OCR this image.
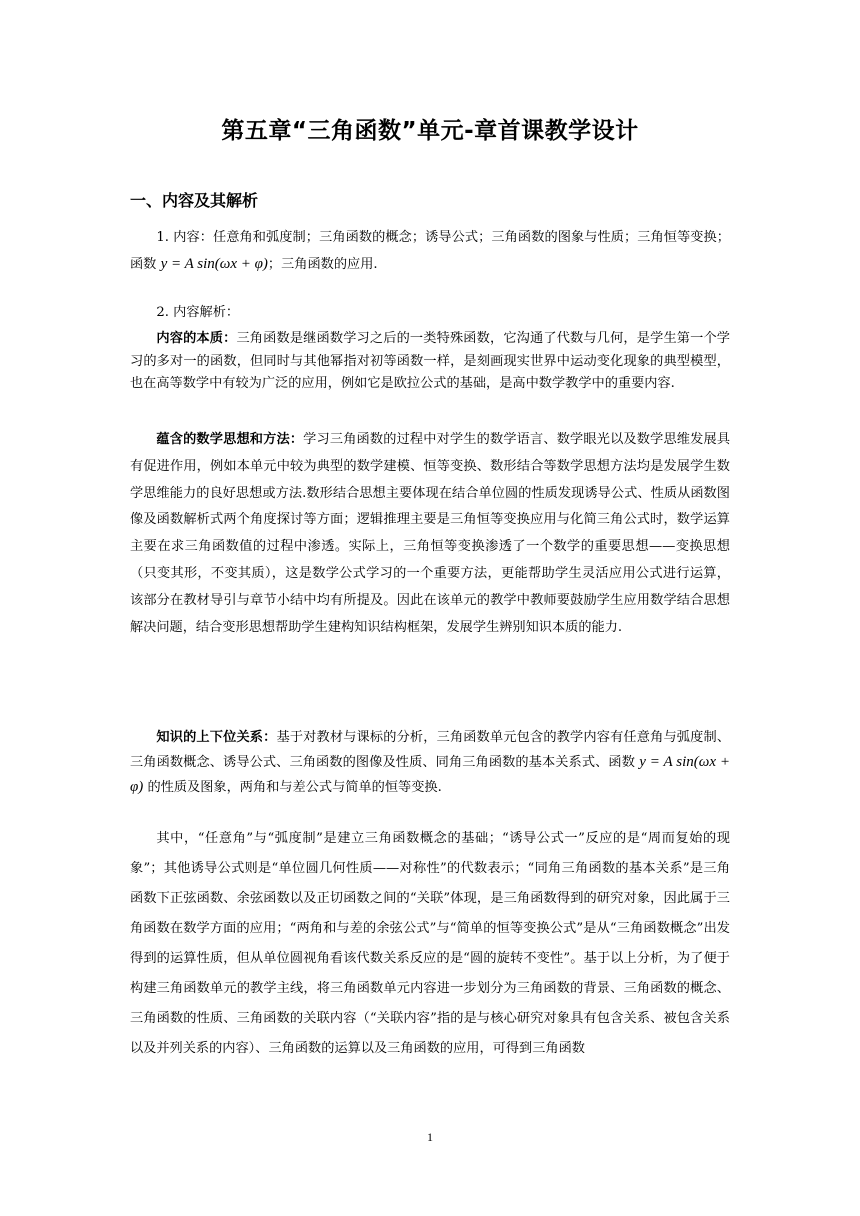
第五章“三角函数”单元-章首课教学设计
一、内容及其解析

1. 内容：任意角和弧度制；三角函数的概念；诱导公式；三角函数的图象与性质；三角恒等变换；函数 y = A sin(ωx + φ)；三角函数的应用.

2. 内容解析：

内容的本质：三角函数是继函数学习之后的一类特殊函数，它沟通了代数与几何，是学生第一个学习的多对一的函数，但同时与其他幂指对初等函数一样，是刻画现实世界中运动变化现象的典型模型，也在高等数学中有较为广泛的应用，例如它是欧拉公式的基础，是高中数学教学中的重要内容.

蕴含的数学思想和方法：学习三角函数的过程中对学生的数学语言、数学眼光以及数学思维发展具有促进作用，例如本单元中较为典型的数学建模、恒等变换、数形结合等数学思想方法均是发展学生数学思维能力的良好思想或方法.数形结合思想主要体现在结合单位圆的性质发现诱导公式、性质从函数图像及函数解析式两个角度探讨等方面；逻辑推理主要是三角恒等变换应用与化简三角公式时，数学运算主要在求三角函数值的过程中渗透。实际上，三角恒等变换渗透了一个数学的重要思想——变换思想（只变其形，不变其质），这是数学公式学习的一个重要方法，更能帮助学生灵活应用公式进行运算，该部分在教材导引与章节小结中均有所提及。因此在该单元的教学中教师要鼓励学生应用数学结合思想解决问题，结合变形思想帮助学生建构知识结构框架，发展学生辨别知识本质的能力.

知识的上下位关系：基于对教材与课标的分析，三角函数单元包含的教学内容有任意角与弧度制、三角函数概念、诱导公式、三角函数的图像及性质、同角三角函数的基本关系式、函数 y = A sin(ωx + φ) 的性质及图象，两角和与差公式与简单的恒等变换.

其中，“任意角”与“弧度制”是建立三角函数概念的基础；“诱导公式一”反应的是“周而复始的现象”；其他诱导公式则是“单位圆几何性质——对称性”的代数表示；“同角三角函数的基本关系”是三角函数下正弦函数、余弦函数以及正切函数之间的“关联”体现，是三角函数得到的研究对象，因此属于三角函数在数学方面的应用；“两角和与差的余弦公式”与“简单的恒等变换公式”是从“三角函数概念”出发得到的运算性质，但从单位圆视角看该代数关系反应的是“圆的旋转不变性”。基于以上分析，为了便于构建三角函数单元的教学主线，将三角函数单元内容进一步划分为三角函数的背景、三角函数的概念、三角函数的性质、三角函数的关联内容（“关联内容”指的是与核心研究对象具有包含关系、被包含关系以及并列关系的内容）、三角函数的运算以及三角函数的应用，可得到三角函数

1
